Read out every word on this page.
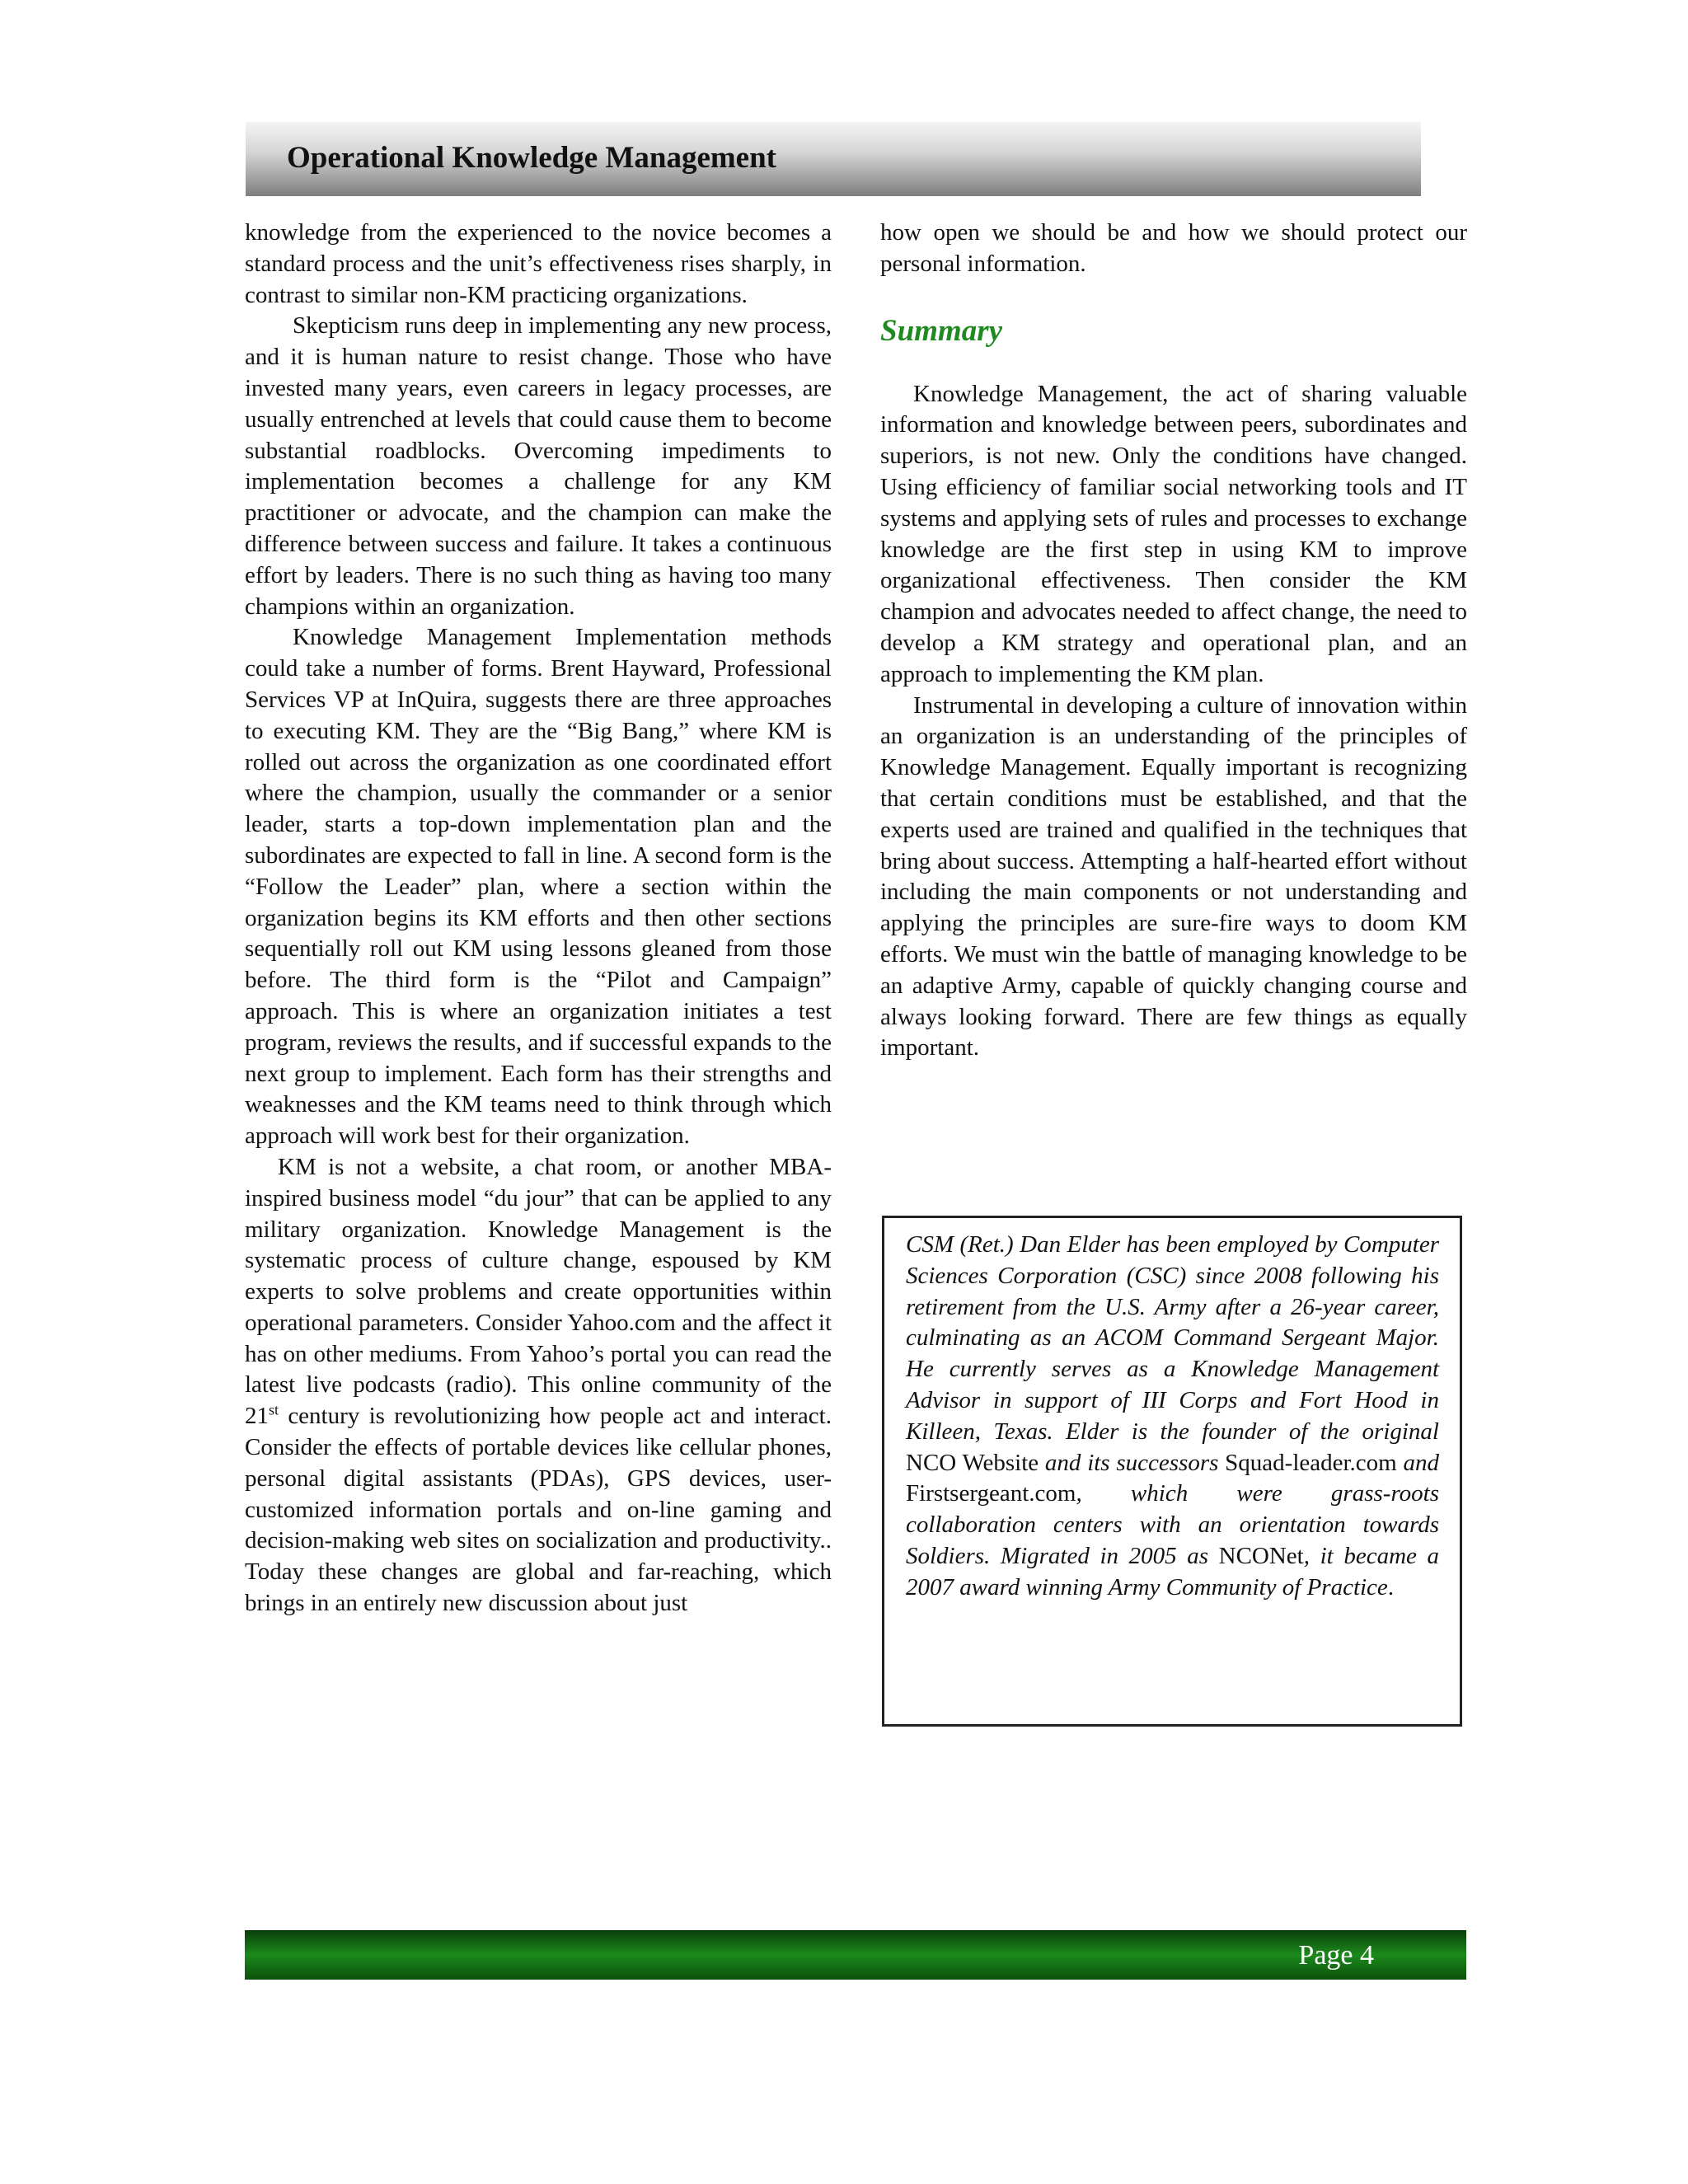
Operational Knowledge Management

knowledge from the experienced to the novice becomes a standard process and the unit’s effectiveness rises sharply, in contrast to similar non-KM practicing organizations.

Skepticism runs deep in implementing any new process, and it is human nature to resist change. Those who have invested many years, even careers in legacy processes, are usually entrenched at levels that could cause them to become substantial roadblocks. Overcoming impediments to implementation becomes a challenge for any KM practitioner or advocate, and the champion can make the difference between success and failure. It takes a continuous effort by leaders. There is no such thing as having too many champions within an organization.

Knowledge Management Implementation methods could take a number of forms. Brent Hayward, Professional Services VP at InQuira, suggests there are three approaches to executing KM. They are the “Big Bang,” where KM is rolled out across the organization as one coordinated effort where the champion, usually the commander or a senior leader, starts a top-down implementation plan and the subordinates are expected to fall in line. A second form is the “Follow the Leader” plan, where a section within the organization begins its KM efforts and then other sections sequentially roll out KM using lessons gleaned from those before. The third form is the “Pilot and Campaign” approach. This is where an organization initiates a test program, reviews the results, and if successful expands to the next group to implement. Each form has their strengths and weaknesses and the KM teams need to think through which approach will work best for their organization.

KM is not a website, a chat room, or another MBA-inspired business model “du jour” that can be applied to any military organization. Knowledge Management is the systematic process of culture change, espoused by KM experts to solve problems and create opportunities within operational parameters. Consider Yahoo.com and the affect it has on other mediums. From Yahoo’s portal you can read the latest live podcasts (radio). This online community of the 21st century is revolutionizing how people act and interact. Consider the effects of portable devices like cellular phones, personal digital assistants (PDAs), GPS devices, user-customized information portals and on-line gaming and decision-making web sites on socialization and productivity.. Today these changes are global and far-reaching, which brings in an entirely new discussion about just

how open we should be and how we should protect our personal information.

Summary

Knowledge Management, the act of sharing valuable information and knowledge between peers, subordinates and superiors, is not new. Only the conditions have changed. Using efficiency of familiar social networking tools and IT systems and applying sets of rules and processes to exchange knowledge are the first step in using KM to improve organizational effectiveness. Then consider the KM champion and advocates needed to affect change, the need to develop a KM strategy and operational plan, and an approach to implementing the KM plan.

Instrumental in developing a culture of innovation within an organization is an understanding of the principles of Knowledge Management. Equally important is recognizing that certain conditions must be established, and that the experts used are trained and qualified in the techniques that bring about success. Attempting a half-hearted effort without including the main components or not understanding and applying the principles are sure-fire ways to doom KM efforts. We must win the battle of managing knowledge to be an adaptive Army, capable of quickly changing course and always looking forward. There are few things as equally important.

CSM (Ret.) Dan Elder has been employed by Computer Sciences Corporation (CSC) since 2008 following his retirement from the U.S. Army after a 26-year career, culminating as an ACOM Command Sergeant Major. He currently serves as a Knowledge Management Advisor in support of III Corps and Fort Hood in Killeen, Texas. Elder is the founder of the original NCO Website and its successors Squad-leader.com and Firstsergeant.com, which were grass-roots collaboration centers with an orientation towards Soldiers. Migrated in 2005 as NCONet, it became a 2007 award winning Army Community of Practice.

Page 4
